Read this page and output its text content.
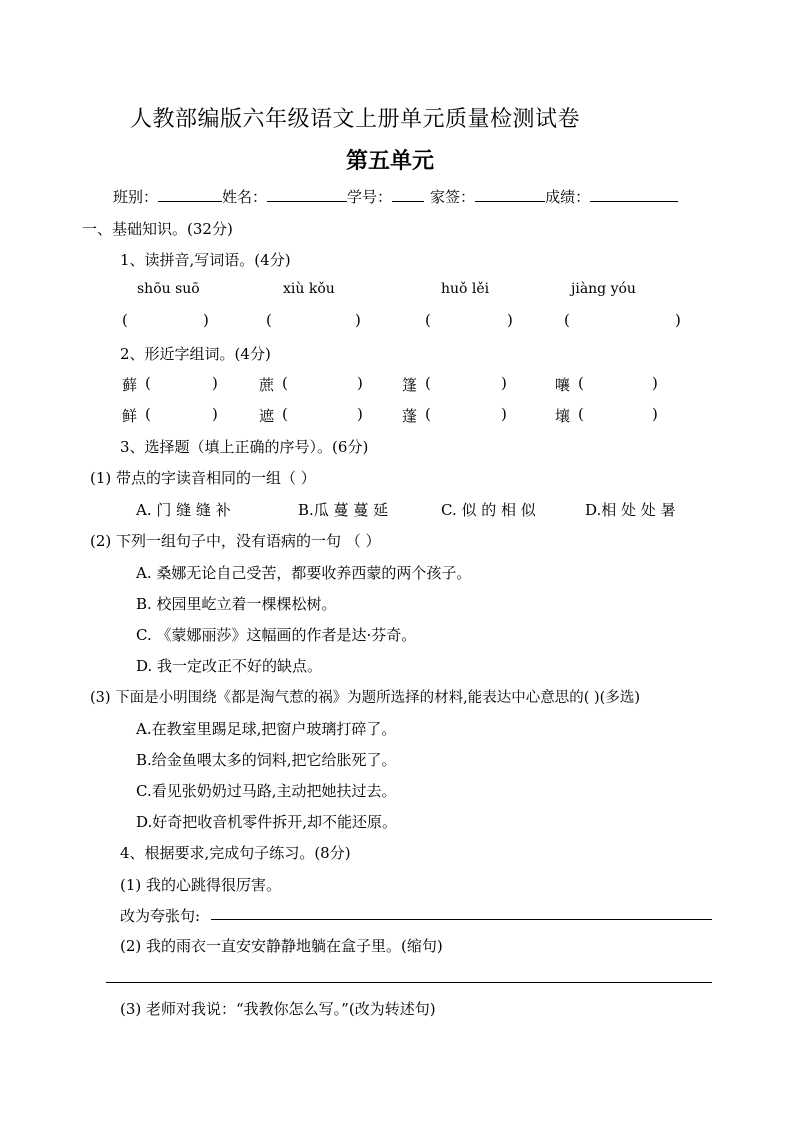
人教部编版六年级语文上册单元质量检测试卷
第五单元
班别：	姓名：	学号：	家签：	成绩：
一、基础知识。(32分)
1、读拼音,写词语。(4分)
shōu suō	xiù kǒu	huǒ lěi	jiàng yóu
(	)	(	)	(	)	(	)
2、形近字组词。(4分)
藓 (	)	蔗 (	)	篷 (	)	嚷 (	)
鲜 (	)	遮 (	)	蓬 (	)	壤 (	)
3、选择题（填上正确的序号）。(6分)
(1) 带点的字读音相同的一组（ ）
A. 门 缝 缝 补	B.瓜 蔓 蔓 延	C. 似 的 相 似	D.相 处 处 暑
(2) 下列一组句子中，没有语病的一句 （ ）
A. 桑娜无论自己受苦，都要收养西蒙的两个孩子。
B. 校园里屹立着一棵棵松树。
C. 《蒙娜丽莎》这幅画的作者是达·芬奇。
D. 我一定改正不好的缺点。
(3) 下面是小明围绕《都是淘气惹的祸》为题所选择的材料,能表达中心意思的( )(多选)
A.在教室里踢足球,把窗户玻璃打碎了。
B.给金鱼喂太多的饲料,把它给胀死了。
C.看见张奶奶过马路,主动把她扶过去。
D.好奇把收音机零件拆开,却不能还原。
4、根据要求,完成句子练习。(8分)
(1) 我的心跳得很厉害。
改为夸张句:
(2) 我的雨衣一直安安静静地躺在盒子里。(缩句)
(3) 老师对我说：“我教你怎么写。”(改为转述句)
